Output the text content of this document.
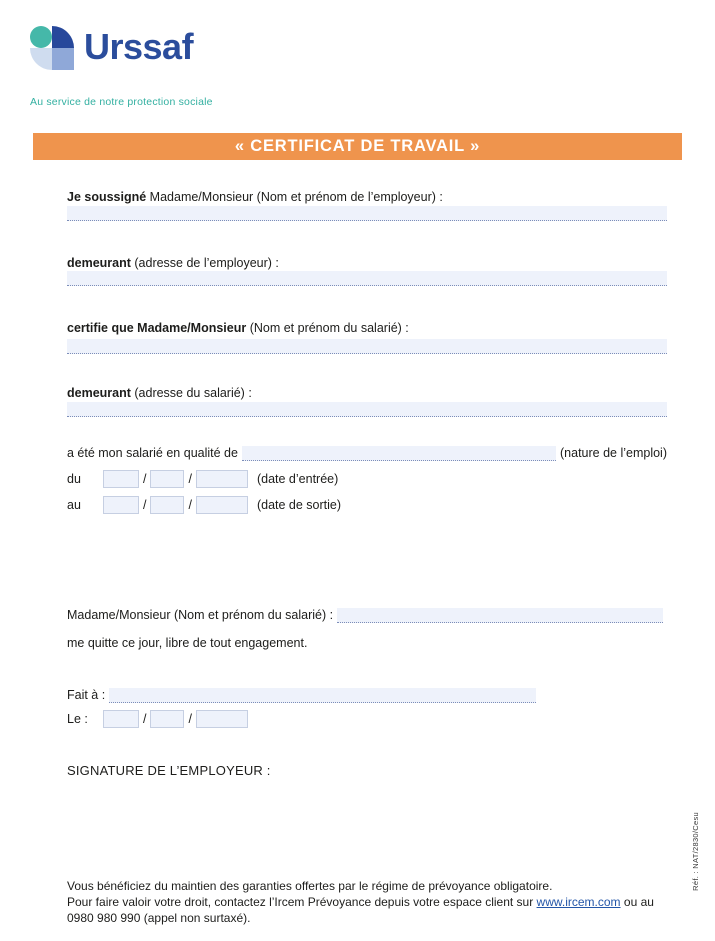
Urssaf
Au service de notre protection sociale
« CERTIFICAT DE TRAVAIL »
Je soussigné Madame/Monsieur (Nom et prénom de l’employeur) :
demeurant (adresse de l’employeur) :
certifie que Madame/Monsieur (Nom et prénom du salarié) :
demeurant (adresse du salarié) :
a été mon salarié en qualité de	(nature de l’emploi)
du	/	/	(date d’entrée)
au	/	/	(date de sortie)
Madame/Monsieur (Nom et prénom du salarié) :
me quitte ce jour, libre de tout engagement.
Fait à :
Le :	/	/
SIGNATURE DE L’EMPLOYEUR :
Vous bénéficiez du maintien des garanties offertes par le régime de prévoyance obligatoire.
Pour faire valoir votre droit, contactez l’Ircem Prévoyance depuis votre espace client sur www.ircem.com ou au
0980 980 990 (appel non surtaxé).
Réf. : NAT/2830/Cesu
